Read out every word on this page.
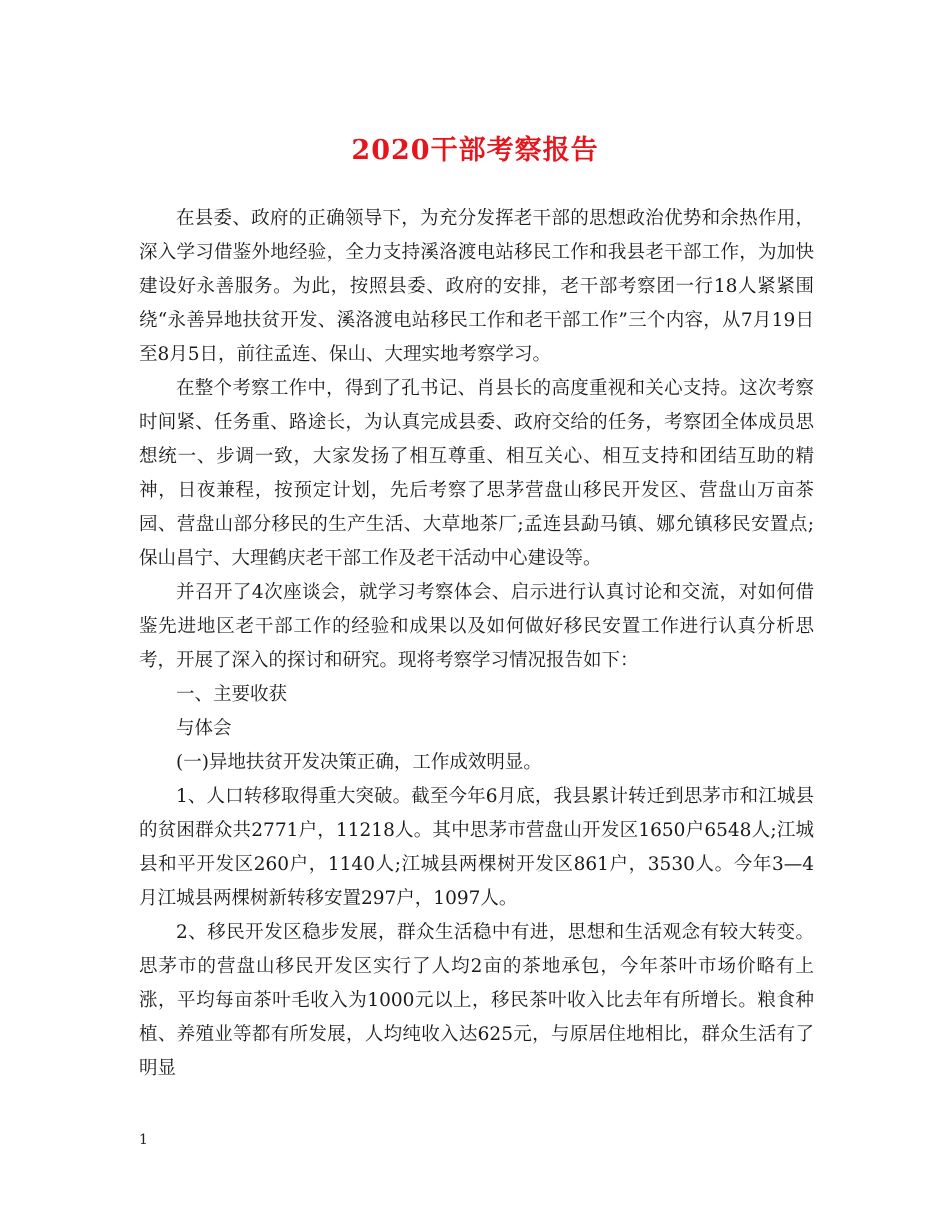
2020干部考察报告

在县委、政府的正确领导下，为充分发挥老干部的思想政治优势和余热作用，深入学习借鉴外地经验，全力支持溪洛渡电站移民工作和我县老干部工作，为加快建设好永善服务。为此，按照县委、政府的安排，老干部考察团一行18人紧紧围绕“永善异地扶贫开发、溪洛渡电站移民工作和老干部工作”三个内容，从7月19日至8月5日，前往孟连、保山、大理实地考察学习。

在整个考察工作中，得到了孔书记、肖县长的高度重视和关心支持。这次考察时间紧、任务重、路途长，为认真完成县委、政府交给的任务，考察团全体成员思想统一、步调一致，大家发扬了相互尊重、相互关心、相互支持和团结互助的精神，日夜兼程，按预定计划，先后考察了思茅营盘山移民开发区、营盘山万亩茶园、营盘山部分移民的生产生活、大草地茶厂;孟连县勐马镇、娜允镇移民安置点;保山昌宁、大理鹤庆老干部工作及老干活动中心建设等。

并召开了4次座谈会，就学习考察体会、启示进行认真讨论和交流，对如何借鉴先进地区老干部工作的经验和成果以及如何做好移民安置工作进行认真分析思考，开展了深入的探讨和研究。现将考察学习情况报告如下：

一、主要收获

与体会

(一)异地扶贫开发决策正确，工作成效明显。

1、人口转移取得重大突破。截至今年6月底，我县累计转迁到思茅市和江城县的贫困群众共2771户，11218人。其中思茅市营盘山开发区1650户6548人;江城县和平开发区260户，1140人;江城县两棵树开发区861户，3530人。今年3—4月江城县两棵树新转移安置297户，1097人。

2、移民开发区稳步发展，群众生活稳中有进，思想和生活观念有较大转变。思茅市的营盘山移民开发区实行了人均2亩的茶地承包，今年茶叶市场价略有上涨，平均每亩茶叶毛收入为1000元以上，移民茶叶收入比去年有所增长。粮食种植、养殖业等都有所发展，人均纯收入达625元，与原居住地相比，群众生活有了明显

1
